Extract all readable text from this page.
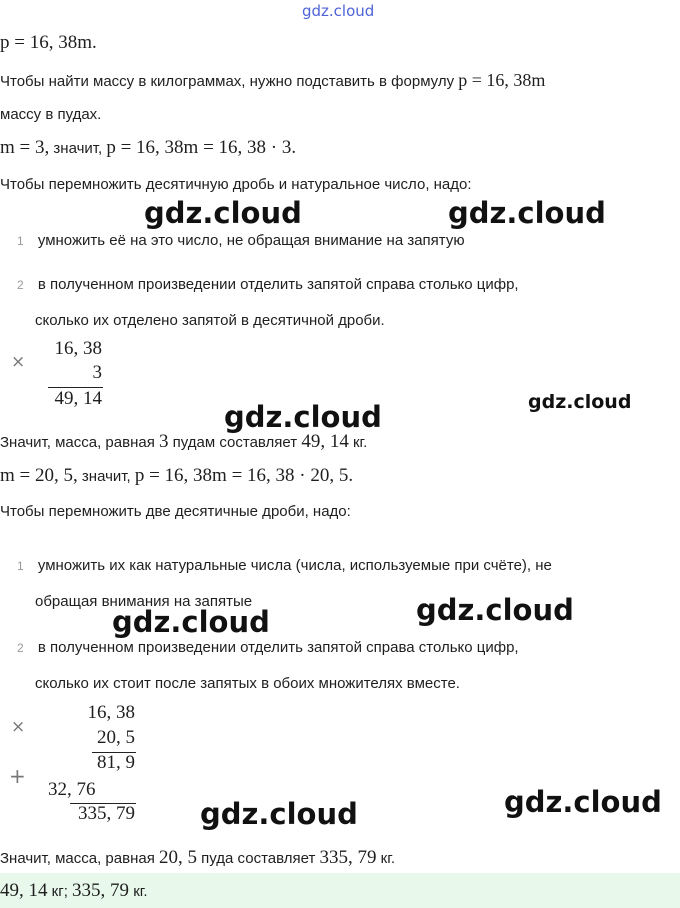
gdz.cloud
p = 16, 38m.
Чтобы найти массу в килограммах, нужно подставить в формулу p = 16, 38m
массу в пудах.
m = 3, значит, p = 16, 38m = 16, 38 · 3.
Чтобы перемножить десятичную дробь и натуральное число, надо:
1 умножить её на это число, не обращая внимание на запятую
2 в полученном произведении отделить запятой справа столько цифр,
сколько их отделено запятой в десятичной дроби.
×
16, 38
3
49, 14
Значит, масса, равная 3 пудам составляет 49, 14 кг.
m = 20, 5, значит, p = 16, 38m = 16, 38 · 20, 5.
Чтобы перемножить две десятичные дроби, надо:
1 умножить их как натуральные числа (числа, используемые при счёте), не
обращая внимания на запятые
2 в полученном произведении отделить запятой справа столько цифр,
сколько их стоит после запятых в обоих множителях вместе.
×
16, 38
20, 5
81, 9
+
32, 76
335, 79
Значит, масса, равная 20, 5 пуда составляет 335, 79 кг.
49, 14 кг; 335, 79 кг.
gdz.cloud	gdz.cloud
gdz.cloud	gdz.cloud
gdz.cloud
gdz.cloud
gdz.cloud
gdz.cloud
